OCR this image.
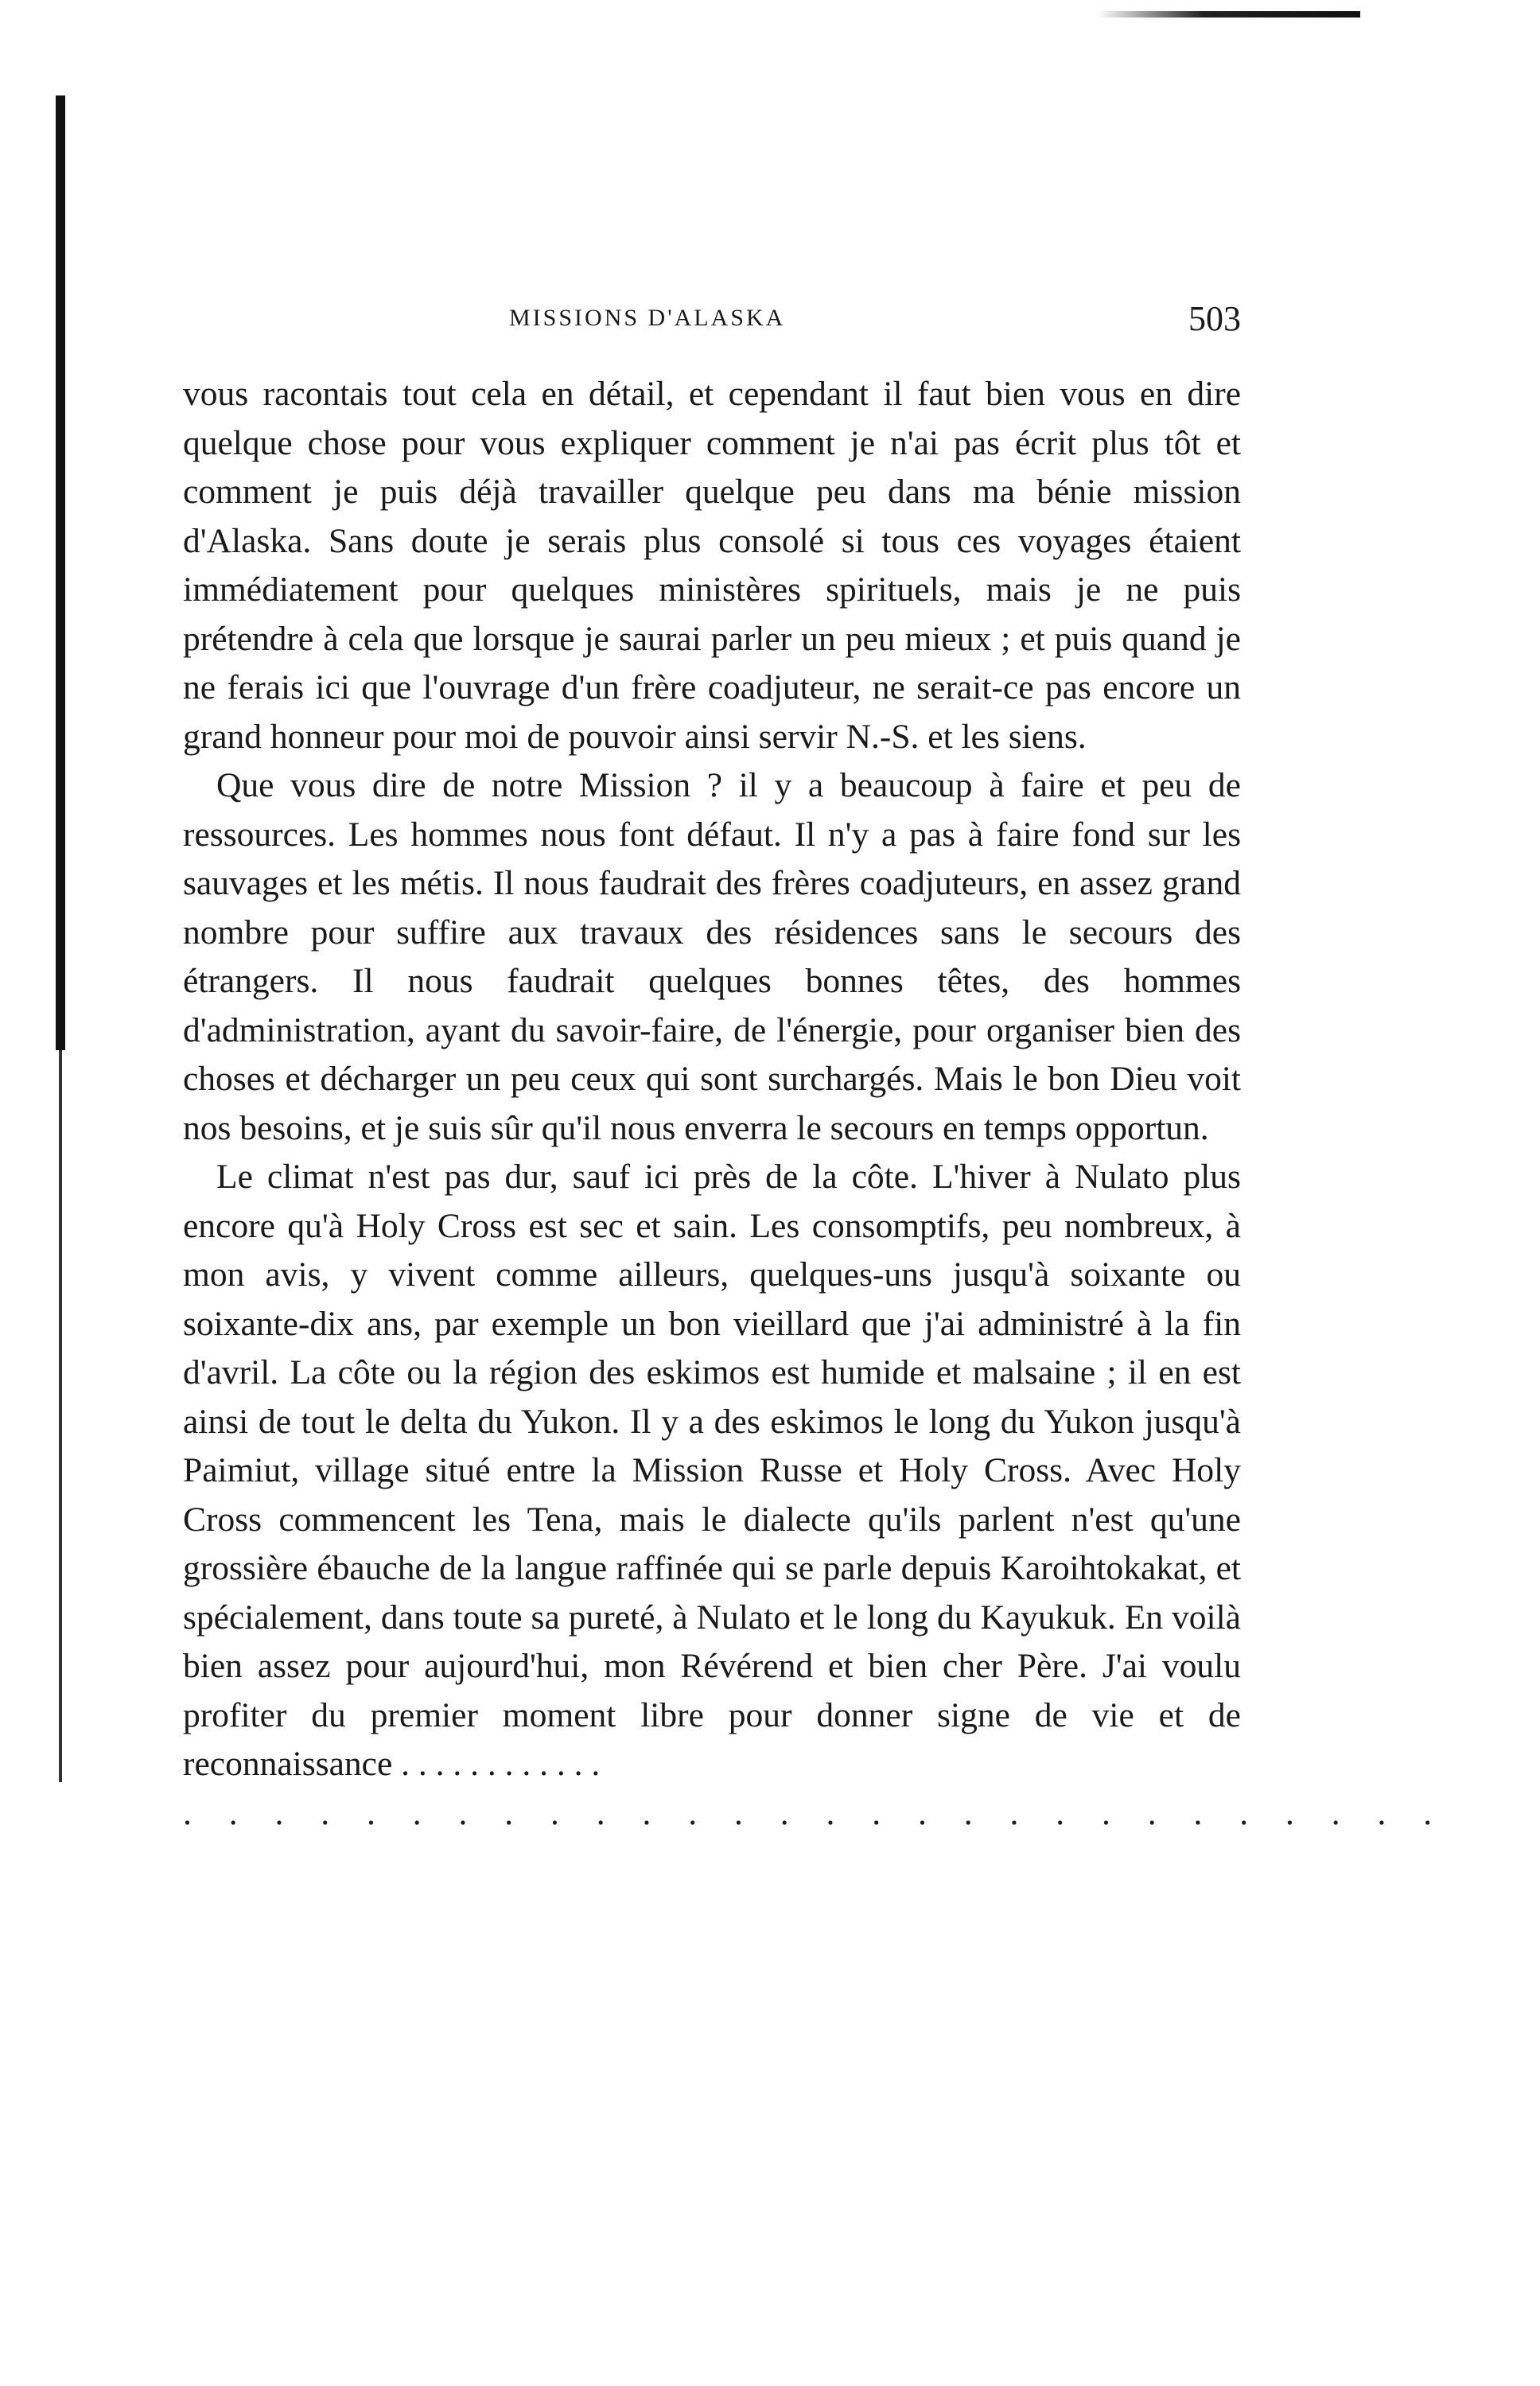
MISSIONS D'ALASKA	503

vous racontais tout cela en détail, et cependant il faut bien vous en dire quelque chose pour vous expliquer comment je n'ai pas écrit plus tôt et comment je puis déjà travailler quelque peu dans ma bénie mission d'Alaska. Sans doute je serais plus consolé si tous ces voyages étaient immédiatement pour quelques ministères spirituels, mais je ne puis prétendre à cela que lorsque je saurai parler un peu mieux ; et puis quand je ne ferais ici que l'ouvrage d'un frère coadjuteur, ne serait-ce pas encore un grand honneur pour moi de pouvoir ainsi servir N.-S. et les siens.

Que vous dire de notre Mission ? il y a beaucoup à faire et peu de ressources. Les hommes nous font défaut. Il n'y a pas à faire fond sur les sauvages et les métis. Il nous faudrait des frères coadjuteurs, en assez grand nombre pour suffire aux travaux des résidences sans le secours des étrangers. Il nous faudrait quelques bonnes têtes, des hommes d'administration, ayant du savoir-faire, de l'énergie, pour organiser bien des choses et décharger un peu ceux qui sont surchargés. Mais le bon Dieu voit nos besoins, et je suis sûr qu'il nous enverra le secours en temps opportun.

Le climat n'est pas dur, sauf ici près de la côte. L'hiver à Nulato plus encore qu'à Holy Cross est sec et sain. Les consomptifs, peu nombreux, à mon avis, y vivent comme ailleurs, quelques-uns jusqu'à soixante ou soixante-dix ans, par exemple un bon vieillard que j'ai administré à la fin d'avril. La côte ou la région des eskimos est humide et malsaine ; il en est ainsi de tout le delta du Yukon. Il y a des eskimos le long du Yukon jusqu'à Paimiut, village situé entre la Mission Russe et Holy Cross. Avec Holy Cross commencent les Tena, mais le dialecte qu'ils parlent n'est qu'une grossière ébauche de la langue raffinée qui se parle depuis Karoihtokakat, et spécialement, dans toute sa pureté, à Nulato et le long du Kayukuk. En voilà bien assez pour aujourd'hui, mon Révérend et bien cher Père. J'ai voulu profiter du premier moment libre pour donner signe de vie et de reconnaissance . . . . . . . . . . . .

. . . . . . . . . . . . . . . . . . . . . . . . . . . .
